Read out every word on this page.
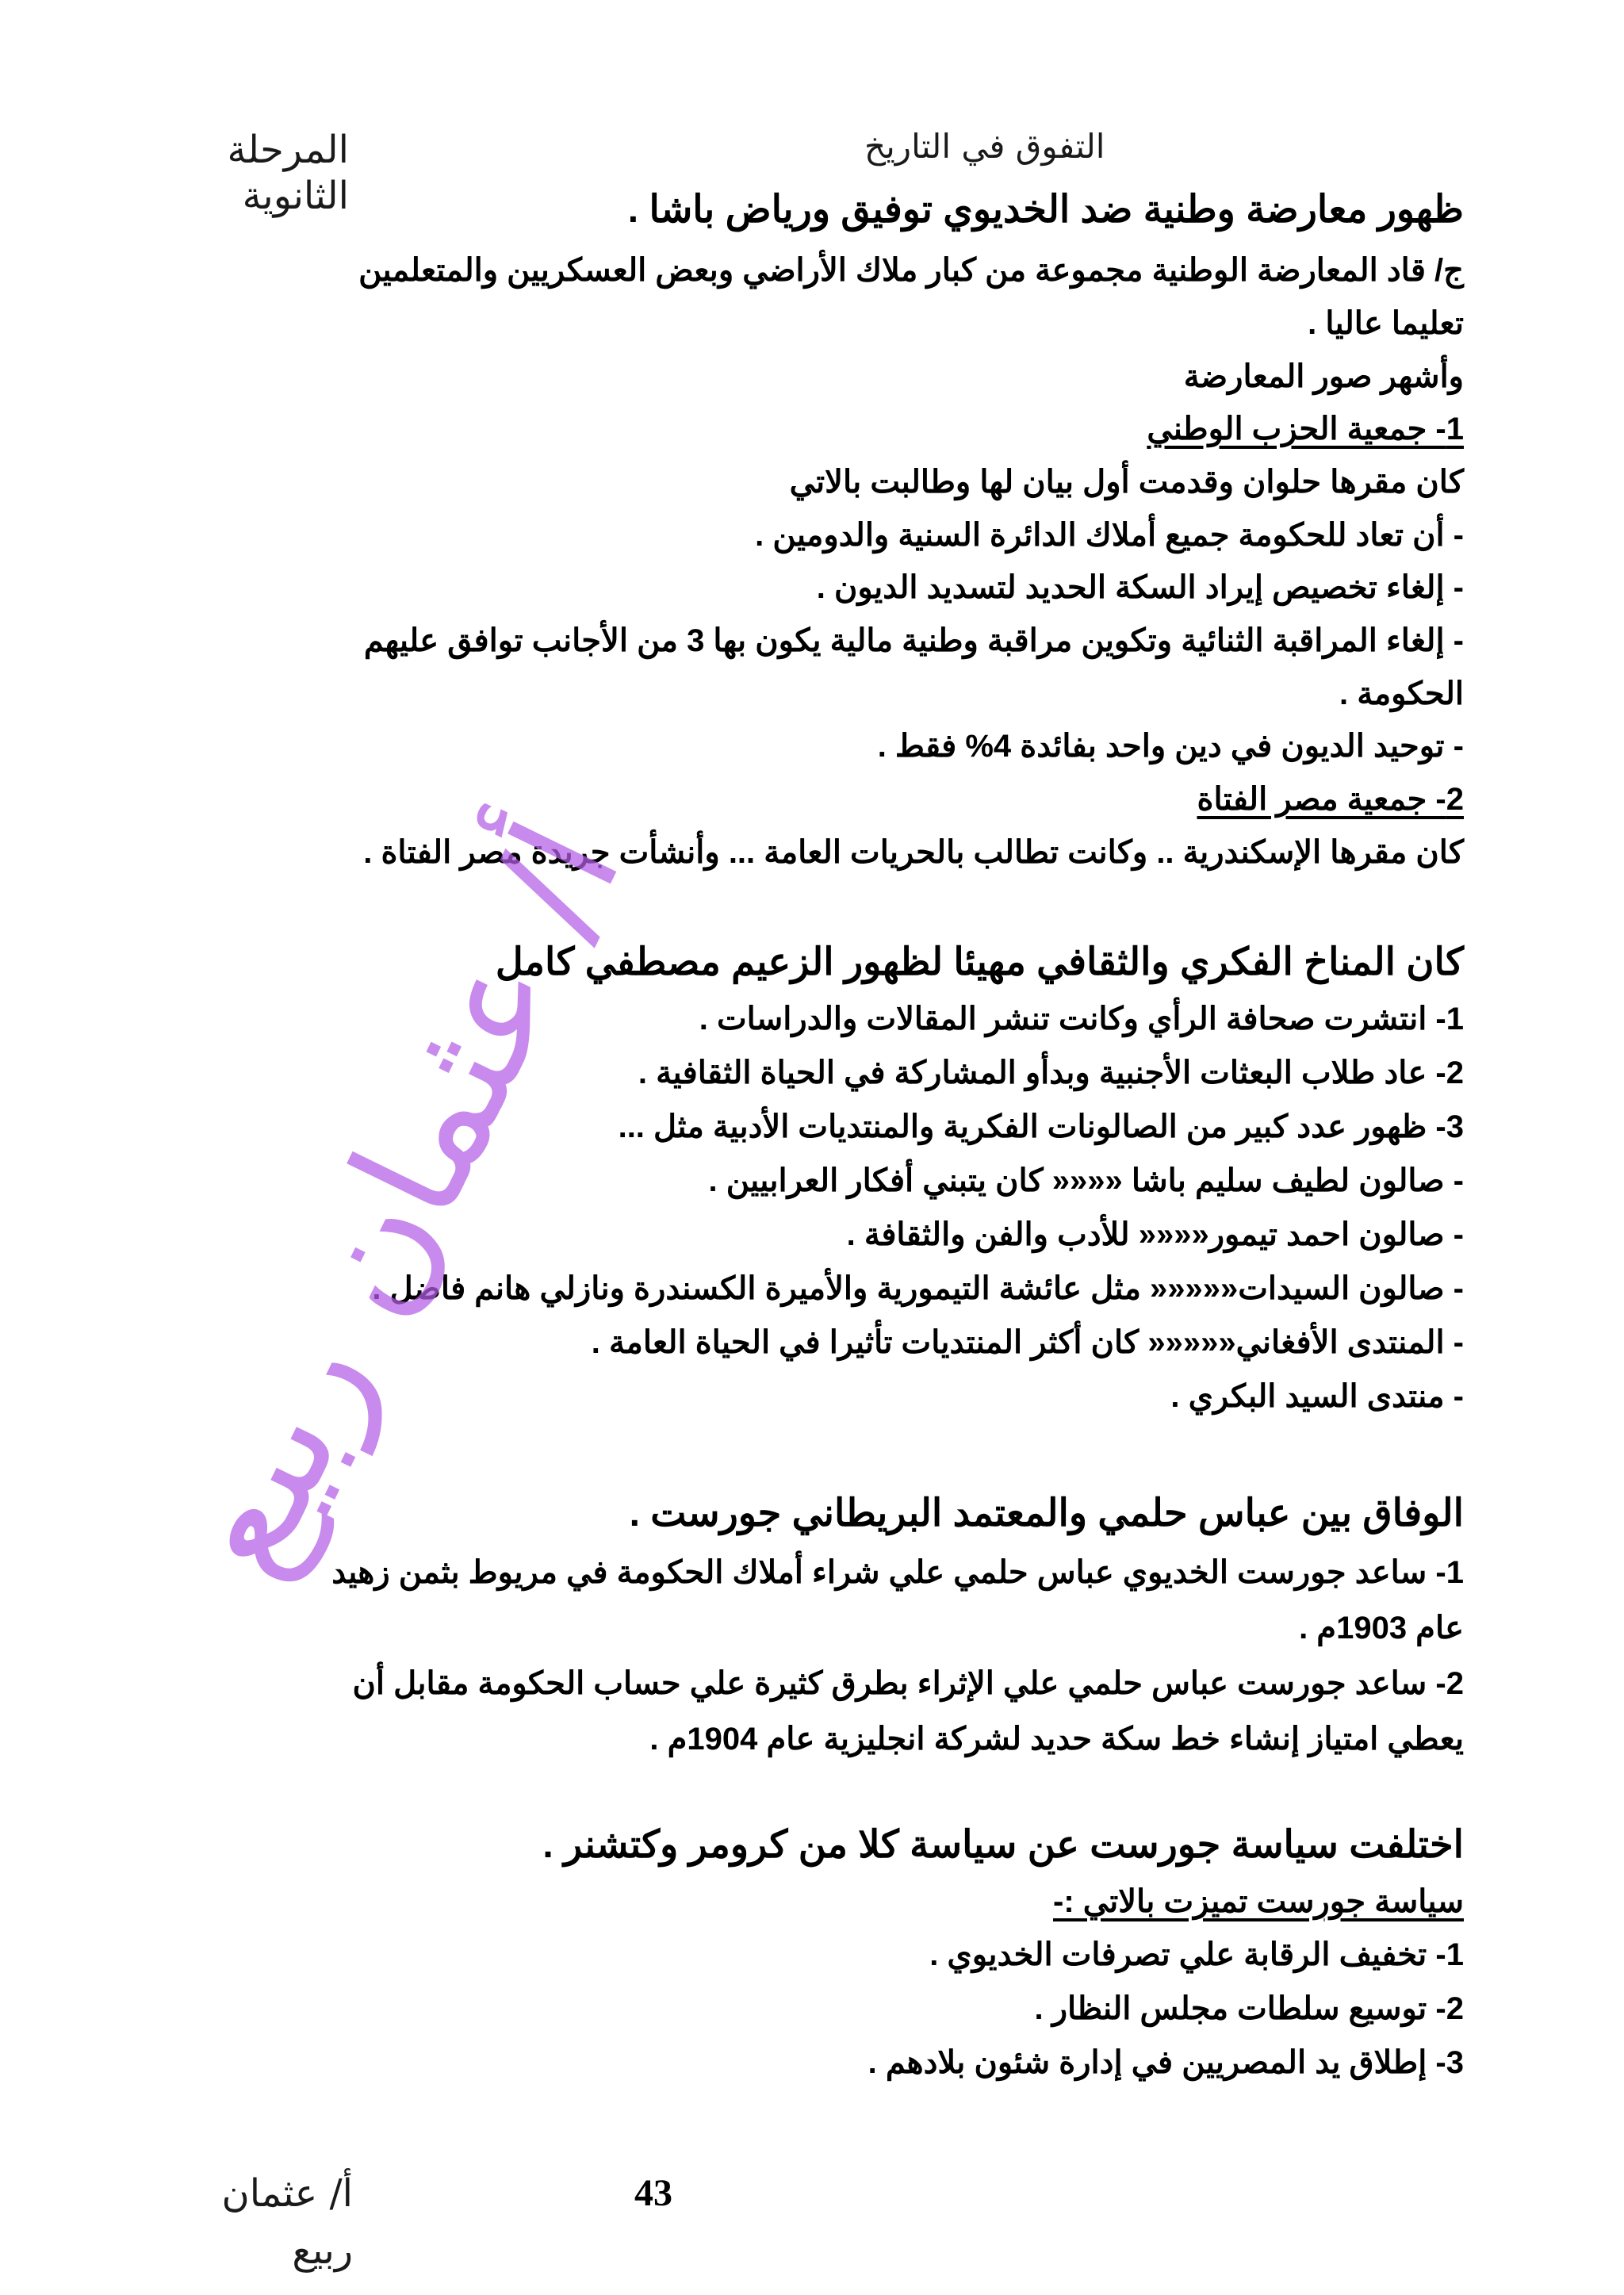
التفوق في التاريخ
المرحلة الثانوية	ظهور معارضة وطنية ضد الخديوي توفيق ورياض باشا .
ج/ قاد المعارضة الوطنية مجموعة من كبار ملاك الأراضي وبعض العسكريين والمتعلمين
تعليما عاليا .
وأشهر صور المعارضة
1- جمعية الحزب الوطني
كان مقرها حلوان وقدمت أول بيان لها وطالبت بالاتي
- أن تعاد للحكومة جميع أملاك الدائرة السنية والدومين .
- إلغاء تخصيص إيراد السكة الحديد لتسديد الديون .
- إلغاء المراقبة الثنائية وتكوين مراقبة وطنية مالية يكون بها 3 من الأجانب توافق عليهم
الحكومة .
- توحيد الديون في دين واحد بفائدة 4% فقط .
2- جمعية مصر الفتاة
كان مقرها الإسكندرية .. وكانت تطالب بالحريات العامة ... وأنشأت جريدة مصر الفتاة .
كان المناخ الفكري والثقافي مهيئا لظهور الزعيم مصطفي كامل
1- انتشرت صحافة الرأي وكانت تنشر المقالات والدراسات .
2- عاد طلاب البعثات الأجنبية وبدأو المشاركة في الحياة الثقافية .
3- ظهور عدد كبير من الصالونات الفكرية والمنتديات الأدبية مثل ...
- صالون لطيف سليم باشا «««« كان يتبني أفكار العرابيين .
- صالون احمد تيمور«««« للأدب والفن والثقافة .
- صالون السيدات««««« مثل عائشة التيمورية والأميرة الكسندرة ونازلي هانم فاضل .
- المنتدى الأفغاني««««« كان أكثر المنتديات تأثيرا في الحياة العامة .
- منتدى السيد البكري .
الوفاق بين عباس حلمي والمعتمد البريطاني جورست .
1- ساعد جورست الخديوي عباس حلمي علي شراء أملاك الحكومة في مريوط بثمن زهيد
عام 1903م .
2- ساعد جورست عباس حلمي علي الإثراء بطرق كثيرة علي حساب الحكومة مقابل أن
يعطي امتياز إنشاء خط سكة حديد لشركة انجليزية عام 1904م .
اختلفت سياسة جورست عن سياسة كلا من كرومر وكتشنر .
سياسة جورست تميزت بالاتي :-
1- تخفيف الرقابة علي تصرفات الخديوي .
2- توسيع سلطات مجلس النظار .
3- إطلاق يد المصريين في إدارة شئون بلادهم .
أ/ عثمان ربيع
43
أ/ عثمان ربيع
